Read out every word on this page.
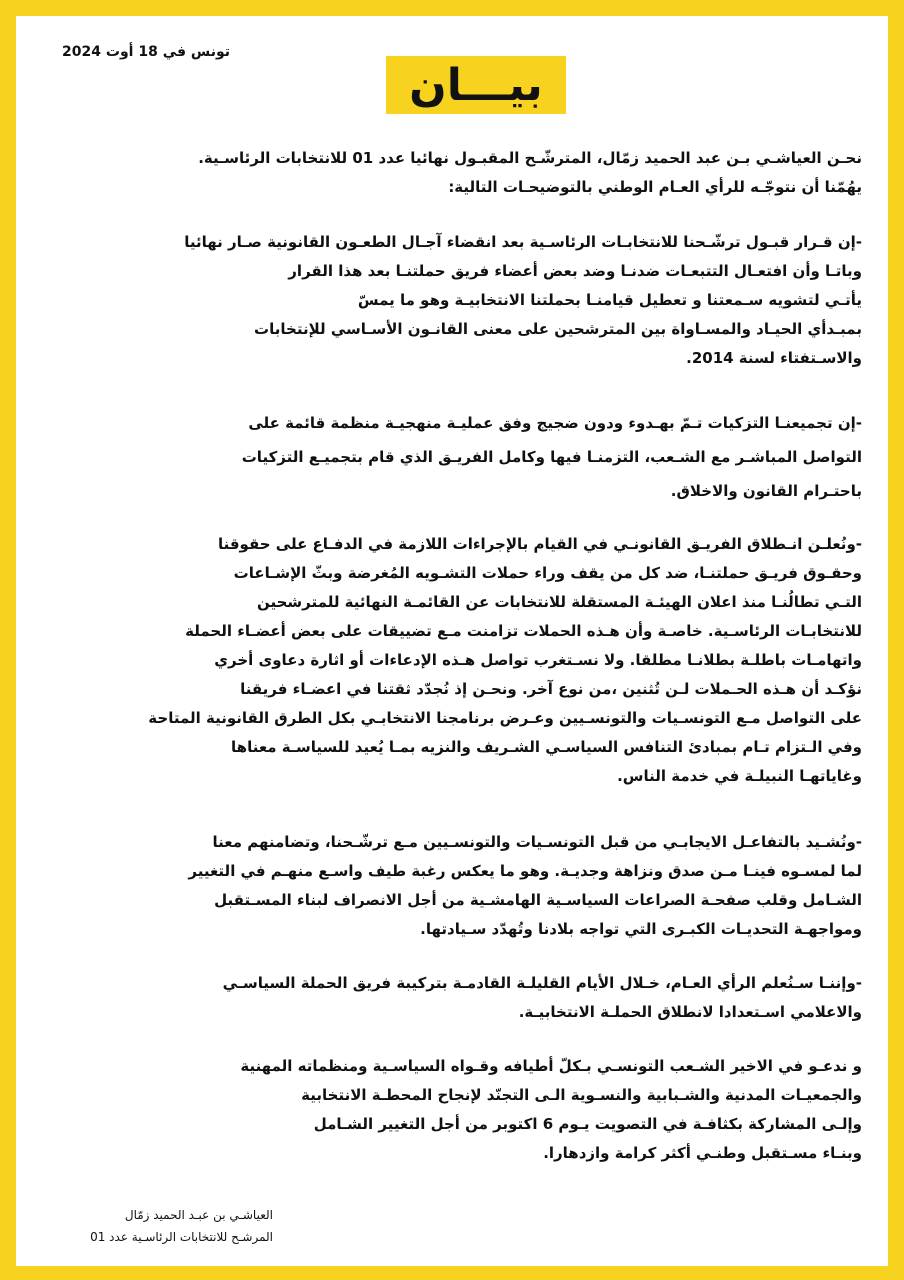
تونس في 18 أوت 2024
بيـــان
نحـن العياشـي بـن عبد الحميد زمّال، المترشّـح المقبـول نهائيا عدد 01 للانتخابات الرئاسـية.
يهُمّنا أن نتوجّـه للرأي العـام الوطني بالتوضيحـات التالية:
-إن قـرار قبـول ترشّـحنا للانتخابـات الرئاسـية بعد انقضاء آجـال الطعـون القانونية صـار نهائيا
وباتـا وأن افتعـال التتبعـات ضدنـا وضد بعض أعضاء فريق حملتنـا بعد هذا القرار
يأتـي لتشويه سـمعتنا و تعطيل قيامنـا بحملتنا الانتخابيـة وهو ما يمسّ
بمبـدأي الحيـاد والمسـاواة بين المترشحين على معنى القانـون الأسـاسي للإنتخابات
والاسـتفتاء لسنة 2014.
-إن تجميعنـا التزكيات تـمّ بهـدوء ودون ضجيج وفق عمليـة منهجيـة منظمة قائمة على
التواصل المباشـر مع الشـعب، التزمنـا فيها وكامل الفريـق الذي قام بتجميـع التزكيات
باحتـرام القانون والاخلاق.
-ونُعلـن انـطلاق الفريـق القانونـي في القيام بالإجراءات اللازمة في الدفـاع على حقوقنا
وحقـوق فريـق حملتنـا، ضد كل من يقف وراء حملات التشـويه المُغرضة وبثّ الإشـاعات
التـي تطالُنـا منذ اعلان الهيئـة المستقلة للانتخابات عن القائمـة النهائية للمترشحين
للانتخابـات الرئاسـية. خاصـة وأن هـذه الحملات تزامنت مـع تضييقات على بعض أعضـاء الحملة
واتهامـات باطلـة بطلانـا مطلقا. ولا نسـتغرب تواصل هـذه الإدعاءات أو اثارة دعاوى أخري
نؤكـد أن هـذه الحـملات لـن تُثنين ،من نوع آخر. ونحـن إذ نُجدّد ثقتنا في اعضـاء فريقنا
على التواصل مـع التونسـيات والتونسـيين وعـرض برنامجنا الانتخابـي بكل الطرق القانونية المتاحة
وفي الـتزام تـام بمبادئ التنافس السياسـي الشـريف والنزيه بمـا يُعيد للسياسـة معناها
وغاياتهـا النبيلـة في خدمة الناس.
-ونُشـيد بالتفاعـل الايجابـي من قبل التونسـيات والتونسـيين مـع ترشّـحنا، وتضامنهم معنا
لما لمسـوه فينـا مـن صدق ونزاهة وجديـة. وهو ما يعكس رغبة طيف واسـع منهـم في التغيير
الشـامل وقلب صفحـة الصراعات السياسـية الهامشـية من أجل الانصراف لبناء المسـتقبل
ومواجهـة التحديـات الكبـرى التي تواجه بلادنا وتُهدّد سـيادتها.
-وإننـا سـنُعلم الرأي العـام، خـلال الأيام القليلـة القادمـة بتركيبة فريق الحملة السياسـي
والاعلامي اسـتعدادا لانطلاق الحملـة الانتخابيـة.
و ندعـو في الاخير الشـعب التونسـي بـكلّ أطيافه وقـواه السياسـية ومنظماته المهنية
والجمعيـات المدنية والشـبابية والنسـوية الـى التجنّد لإنجاح المحطـة الانتخابية
وإلـى المشاركة بكثافـة في التصويت يـوم 6 اكتوبر من أجل التغيير الشـامل
وبنـاء مسـتقبل وطنـي أكثر كرامة وازدهارا.
العياشـي بن عبـد الحميد زمّال
المرشـح للانتخابات الرئاسـية عدد 01
